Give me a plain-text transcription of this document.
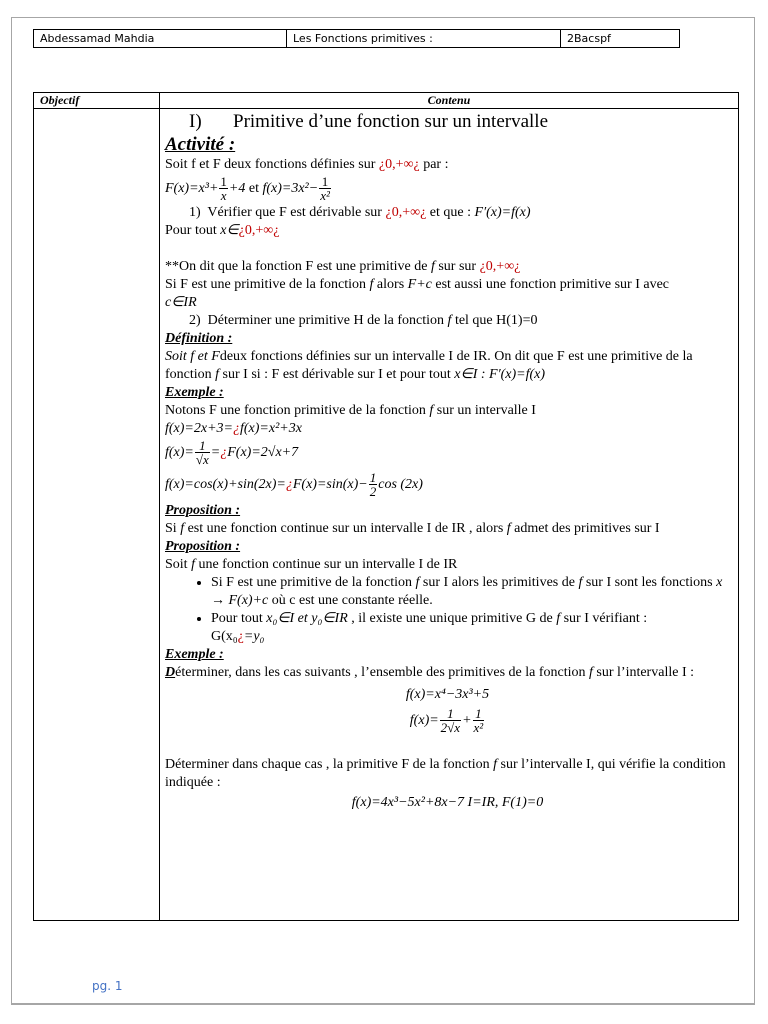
Abdessamad Mahdia	Les Fonctions primitives :	2Bacspf
Objectif	Contenu

I) Primitive d’une fonction sur un intervalle

Activité :

Soit f et F deux fonctions définies sur ¿0,+∞¿ par :

$F(x)=x^3+ \frac{1}{x} +4$ et $f(x)=3x^2- \frac{1}{\text{x²}}$

1) Vérifier que F est dérivable sur ¿0,+∞¿ et que : F′(x)=f(x)

Pour tout x∈¿0,+∞¿

**On dit que la fonction F est une primitive de f sur sur ¿0,+∞¿

Si F est une primitive de la fonction f alors F+c est aussi une fonction primitive sur I avec

c∈IR

2) Déterminer une primitive H de la fonction f tel que H(1)=0

Définition :

Soit f et Fdeux fonctions définies sur un intervalle I de IR. On dit que F est une primitive de la fonction f sur I si : F est dérivable sur I et pour tout x∈I : F′(x)=f(x)

Exemple :

Notons F une fonction primitive de la fonction f sur un intervalle I

f(x)=2x+3=¿f(x)=x²+3x

$f(x)= \frac{1}{√x}$ =¿F(x)=2√x+7

f(x)=cos(x)+sin(2x)=¿F(x)=sin(x)− $\frac{1}{2}$ cos (2x)

Proposition :

Si f est une fonction continue sur un intervalle I de IR , alors f admet des primitives sur I

Proposition :

Soit f une fonction continue sur un intervalle I de IR

• Si F est une primitive de la fonction f sur I alors les primitives de f sur I sont les fonctions x → F(x)+c où c est une constante réelle.
• Pour tout x₀∈I et y₀∈IR , il existe une unique primitive G de f sur I vérifiant :
G(x₀¿=y₀

Exemple :

Déterminer, dans les cas suivants , l’ensemble des primitives de la fonction f sur l’intervalle I :

f(x)=x⁴−3x³+5

$f(x)= \frac{1}{2√x} + \frac{1}{\text{x²}}$

Déterminer dans chaque cas , la primitive F de la fonction f sur l’intervalle I, qui vérifie la condition indiquée :

f(x)=4x³−5x²+8x−7 I=IR, F(1)=0

pg. 1
